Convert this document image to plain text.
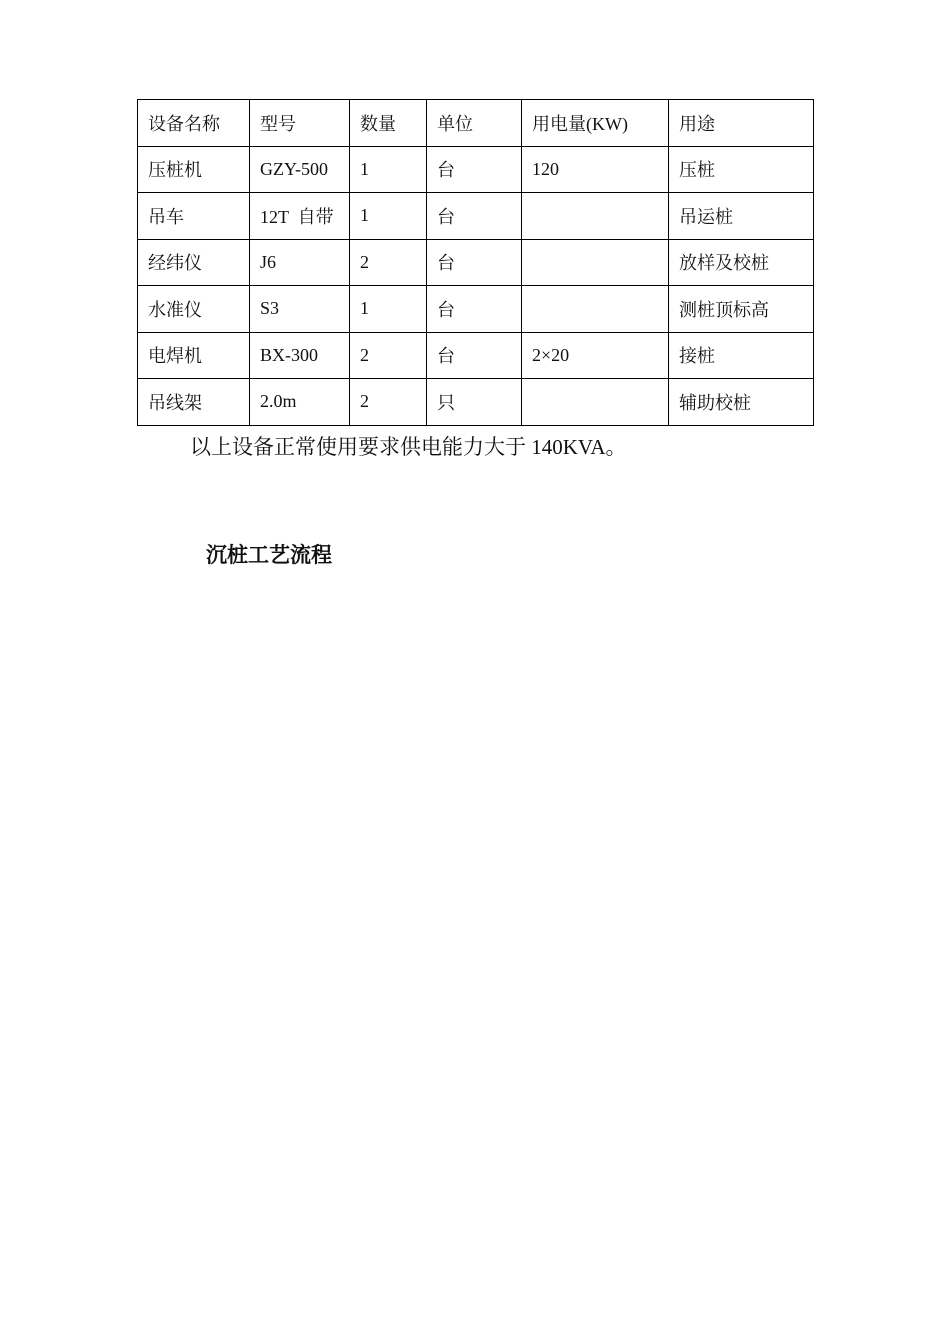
设备名称	型号	数量	单位	用电量(KW)	用途
压桩机	GZY-500	1	台	120	压桩
吊车	12T  自带	1	台		吊运桩
经纬仪	J6	2	台		放样及校桩
水准仪	S3	1	台		测桩顶标高
电焊机	BX-300	2	台	2×20	接桩
吊线架	2.0m	2	只		辅助校桩

以上设备正常使用要求供电能力大于 140KVA。

沉桩工艺流程
